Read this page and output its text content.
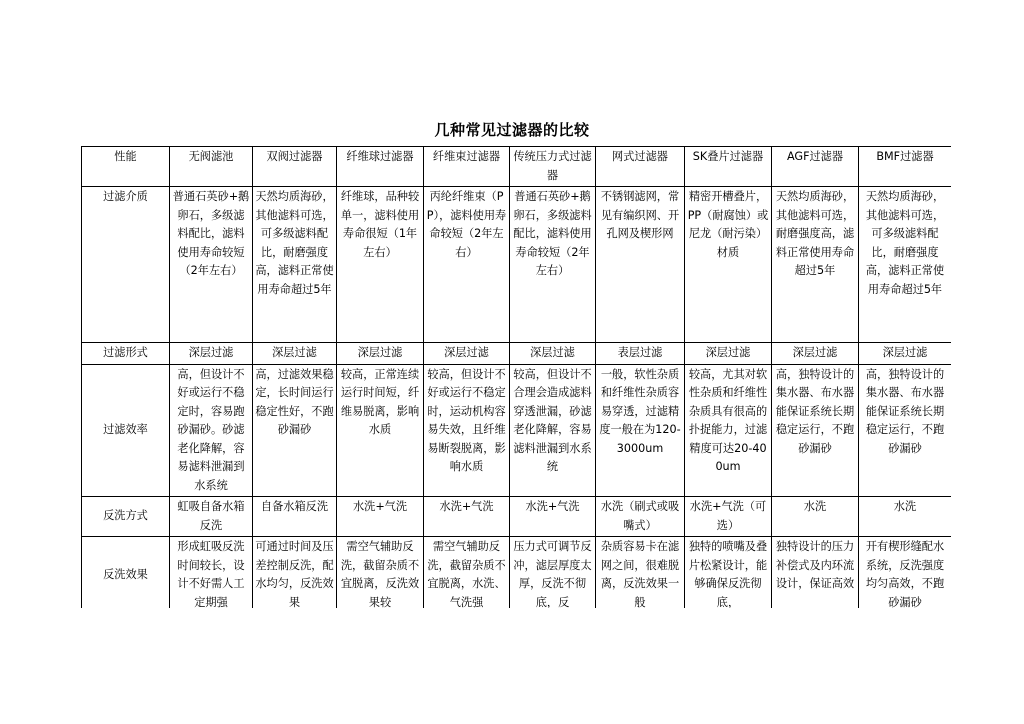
几种常见过滤器的比较
性能	无阀滤池	双阀过滤器	纤维球过滤器	纤维束过滤器	传统压力式过滤器	网式过滤器	SK叠片过滤器	AGF过滤器	BMF过滤器
过滤介质	普通石英砂+鹅卵石，多级滤料配比，滤料使用寿命较短（2年左右）	天然均质海砂，其他滤料可选，可多级滤料配比，耐磨强度高，滤料正常使用寿命超过5年	纤维球，品种较单一，滤料使用寿命很短（1年左右）	丙纶纤维束（PP），滤料使用寿命较短（2年左右）	普通石英砂+鹅卵石，多级滤料配比，滤料使用寿命较短（2年左右）	不锈钢滤网，常见有编织网、开孔网及楔形网	精密开槽叠片，PP（耐腐蚀）或尼龙（耐污染）材质	天然均质海砂，其他滤料可选，耐磨强度高，滤料正常使用寿命超过5年	天然均质海砂，其他滤料可选，可多级滤料配比，耐磨强度高，滤料正常使用寿命超过5年
过滤形式	深层过滤	深层过滤	深层过滤	深层过滤	深层过滤	表层过滤	深层过滤	深层过滤	深层过滤
过滤效率	高，但设计不好或运行不稳定时，容易跑砂漏砂。砂滤老化降解，容易滤料泄漏到水系统	高，过滤效果稳定，长时间运行稳定性好，不跑砂漏砂	较高，正常连续运行时间短，纤维易脱离，影响水质	较高，但设计不好或运行不稳定时，运动机构容易失效，且纤维易断裂脱离，影响水质	较高，但设计不合理会造成滤料穿透泄漏，砂滤老化降解，容易滤料泄漏到水系统	一般，软性杂质和纤维性杂质容易穿透，过滤精度一般在为120-3000um	较高，尤其对软性杂质和纤维性杂质具有很高的扑捉能力，过滤精度可达20-400um	高，独特设计的集水器、布水器能保证系统长期稳定运行，不跑砂漏砂	高，独特设计的集水器、布水器能保证系统长期稳定运行，不跑砂漏砂
反洗方式	虹吸自备水箱反洗	自备水箱反洗	水洗+气洗	水洗+气洗	水洗+气洗	水洗（刷式或吸嘴式）	水洗+气洗（可选）	水洗	水洗
反洗效果	形成虹吸反洗时间较长，设计不好需人工定期强	可通过时间及压差控制反洗，配水均匀，反洗效果	需空气辅助反洗，截留杂质不宜脱离，反洗效果较	需空气辅助反洗，截留杂质不宜脱离，水洗、气洗强	压力式可调节反冲，滤层厚度太厚，反洗不彻底，反	杂质容易卡在滤网之间，很难脱离，反洗效果一般	独特的喷嘴及叠片松紧设计，能够确保反洗彻底，	独特设计的压力补偿式及内环流设计，保证高效	开有楔形缝配水系统，反洗强度均匀高效，不跑砂漏砂
